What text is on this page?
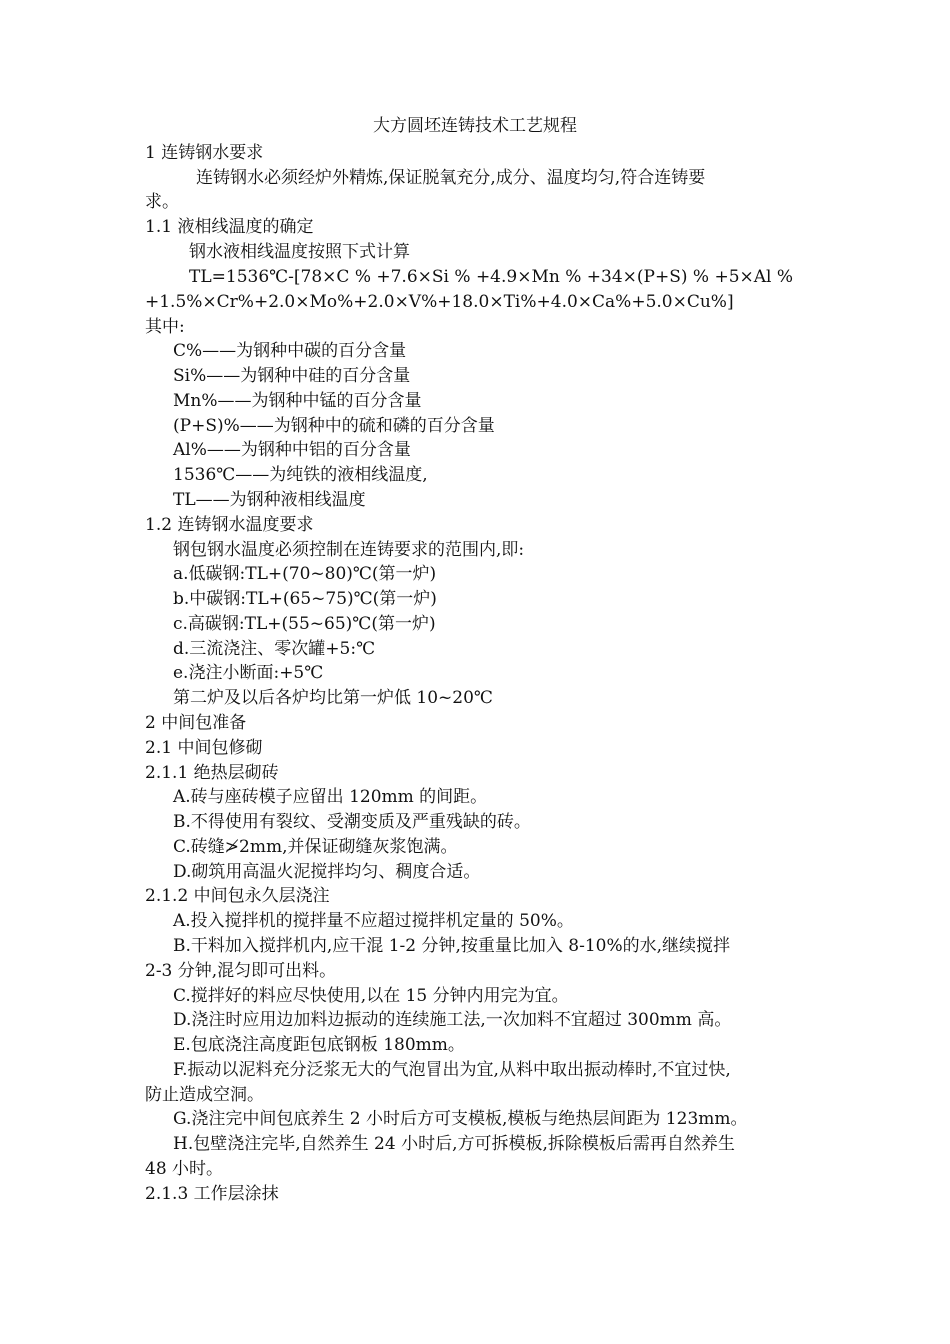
大方圆坯连铸技术工艺规程
1 连铸钢水要求
连铸钢水必须经炉外精炼,保证脱氧充分,成分、温度均匀,符合连铸要
求。
1.1 液相线温度的确定
钢水液相线温度按照下式计算
TL=1536℃-[78×C % +7.6×Si % +4.9×Mn % +34×(P+S) % +5×Al %
+1.5%×Cr%+2.0×Mo%+2.0×V%+18.0×Ti%+4.0×Ca%+5.0×Cu%]
其中:
C%——为钢种中碳的百分含量
Si%——为钢种中硅的百分含量
Mn%——为钢种中锰的百分含量
(P+S)%——为钢种中的硫和磷的百分含量
Al%——为钢种中铝的百分含量
1536℃——为纯铁的液相线温度,
TL——为钢种液相线温度
1.2 连铸钢水温度要求
钢包钢水温度必须控制在连铸要求的范围内,即:
a.低碳钢:TL+(70~80)℃(第一炉)
b.中碳钢:TL+(65~75)℃(第一炉)
c.高碳钢:TL+(55~65)℃(第一炉)
d.三流浇注、零次罐+5:℃
e.浇注小断面:+5℃
第二炉及以后各炉均比第一炉低 10~20℃
2 中间包准备
2.1 中间包修砌
2.1.1 绝热层砌砖
A.砖与座砖模子应留出 120mm 的间距。
B.不得使用有裂纹、受潮变质及严重残缺的砖。
C.砖缝≯2mm,并保证砌缝灰浆饱满。
D.砌筑用高温火泥搅拌均匀、稠度合适。
2.1.2 中间包永久层浇注
A.投入搅拌机的搅拌量不应超过搅拌机定量的 50%。
B.干料加入搅拌机内,应干混 1-2 分钟,按重量比加入 8-10%的水,继续搅拌
2-3 分钟,混匀即可出料。
C.搅拌好的料应尽快使用,以在 15 分钟内用完为宜。
D.浇注时应用边加料边振动的连续施工法,一次加料不宜超过 300mm 高。
E.包底浇注高度距包底钢板 180mm。
F.振动以泥料充分泛浆无大的气泡冒出为宜,从料中取出振动棒时,不宜过快,
防止造成空洞。
G.浇注完中间包底养生 2 小时后方可支模板,模板与绝热层间距为 123mm。
H.包壁浇注完毕,自然养生 24 小时后,方可拆模板,拆除模板后需再自然养生
48 小时。
2.1.3 工作层涂抹
